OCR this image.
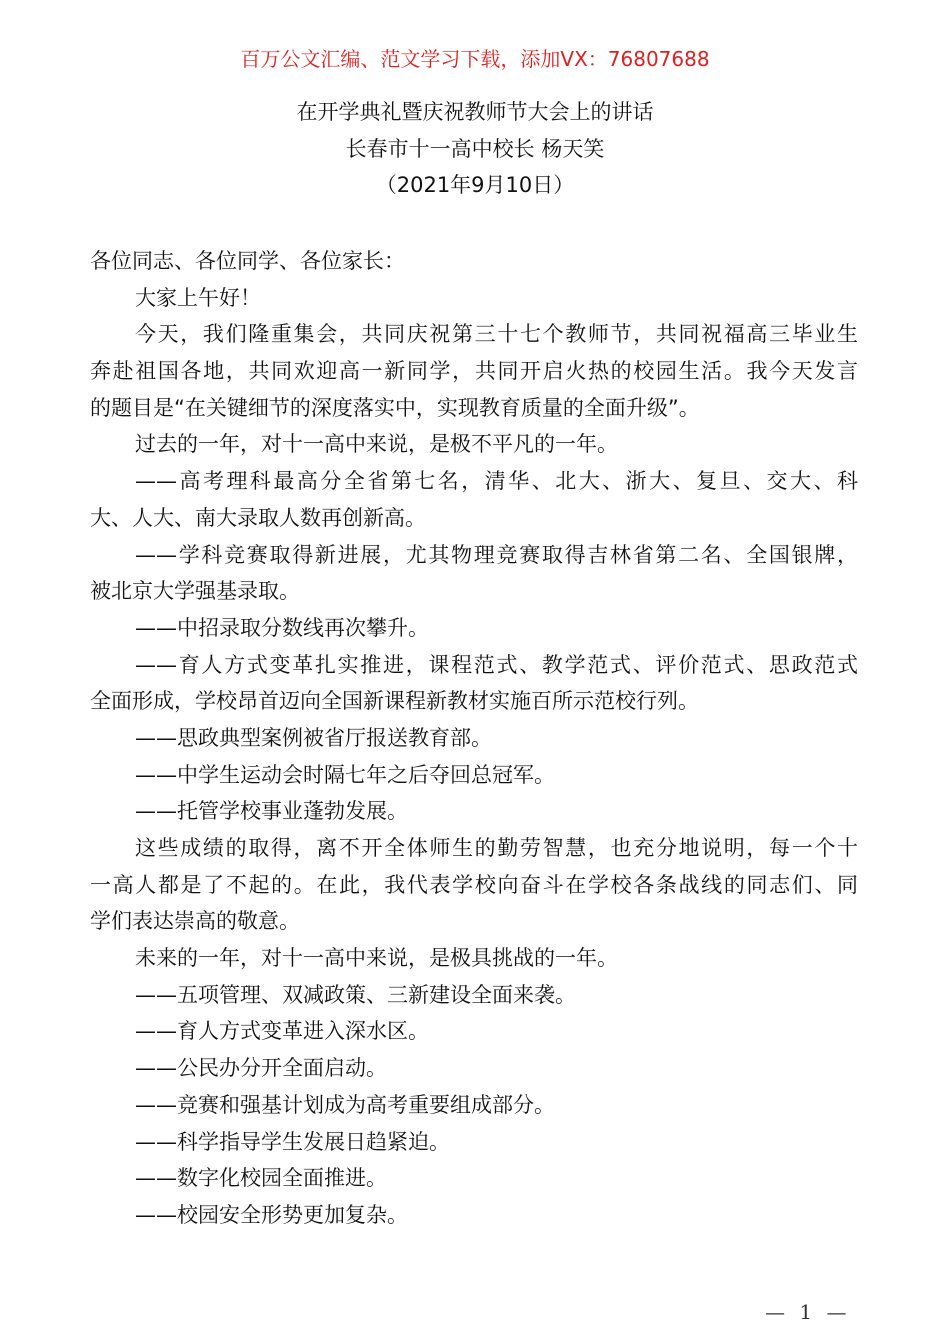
百万公文汇编、范文学习下载，添加VX：76807688
在开学典礼暨庆祝教师节大会上的讲话
长春市十一高中校长 杨天笑
（2021年9月10日）
各位同志、各位同学、各位家长：
大家上午好！
今天，我们隆重集会，共同庆祝第三十七个教师节，共同祝福高三毕业生
奔赴祖国各地，共同欢迎高一新同学，共同开启火热的校园生活。我今天发言
的题目是“在关键细节的深度落实中，实现教育质量的全面升级”。
过去的一年，对十一高中来说，是极不平凡的一年。
——高考理科最高分全省第七名，清华、北大、浙大、复旦、交大、科
大、人大、南大录取人数再创新高。
——学科竞赛取得新进展，尤其物理竞赛取得吉林省第二名、全国银牌，
被北京大学强基录取。
——中招录取分数线再次攀升。
——育人方式变革扎实推进，课程范式、教学范式、评价范式、思政范式
全面形成，学校昂首迈向全国新课程新教材实施百所示范校行列。
——思政典型案例被省厅报送教育部。
——中学生运动会时隔七年之后夺回总冠军。
——托管学校事业蓬勃发展。
这些成绩的取得，离不开全体师生的勤劳智慧，也充分地说明，每一个十
一高人都是了不起的。在此，我代表学校向奋斗在学校各条战线的同志们、同
学们表达崇高的敬意。
未来的一年，对十一高中来说，是极具挑战的一年。
——五项管理、双减政策、三新建设全面来袭。
——育人方式变革进入深水区。
——公民办分开全面启动。
——竞赛和强基计划成为高考重要组成部分。
——科学指导学生发展日趋紧迫。
——数字化校园全面推进。
——校园安全形势更加复杂。
— 1 —
